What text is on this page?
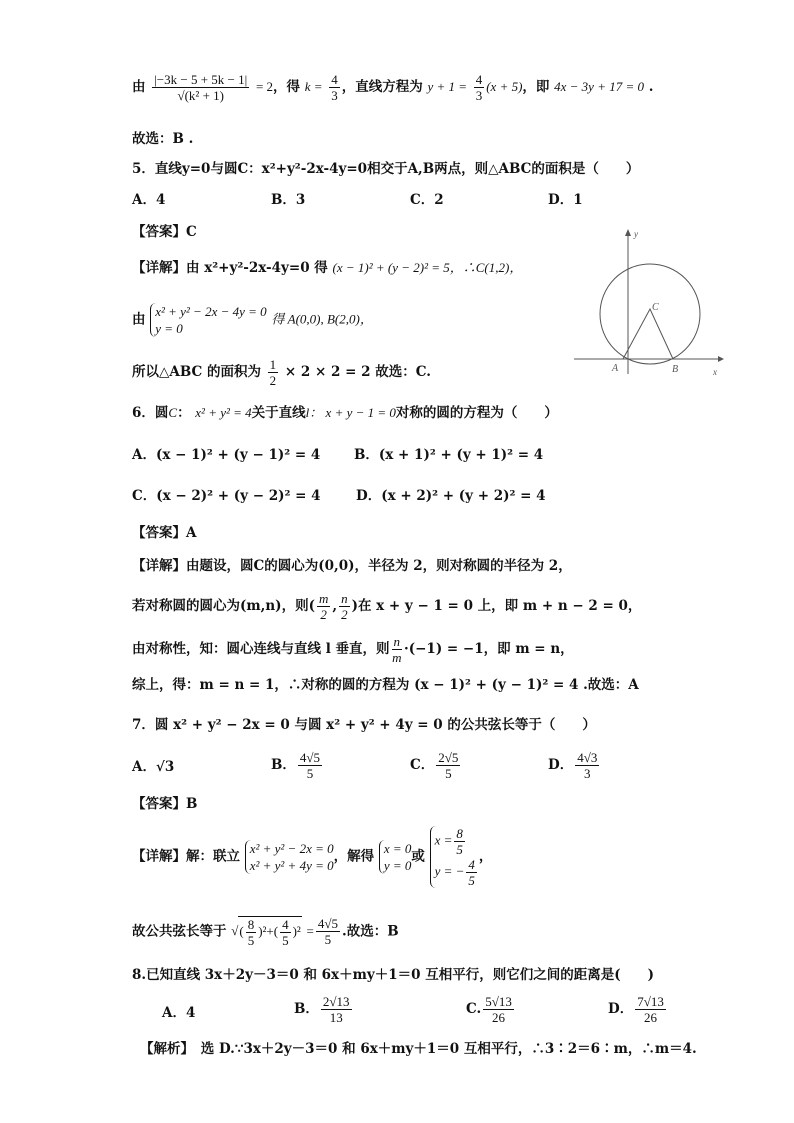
由 $\frac{|-3k - 5 + 5k - 1|}{\text{√(k² + 1)}} = 2$，得 $k = \frac{4}{3}$ ，直线方程为 $y + 1 = \frac{4}{3} (x + 5)$，即 4x − 3y + 17 = 0 .
故选：B .
5．直线y=0与圆C：x²+y²-2x-4y=0相交于A,B两点，则△ABC的面积是（　　）
A．4	B．3	C．2	D．1
【答案】C
【详解】由 x²+y²-2x-4y=0 得 (x − 1)² + (y − 2)² = 5，∴C(1,2)，
由 x² + y² − 2x − 4y = 0
y = 0
得 A(0,0), B(2,0)，
所以△ABC 的面积为 $\frac{1}{2} \times 2 \times 2 = 2$ 故选：C.
y
x
A	B
C
6．圆C： x² + y² = 4关于直线l： x + y − 1 = 0对称的圆的方程为（　　）
A．(x − 1)² + (y − 1)² = 4 B．(x + 1)² + (y + 1)² = 4
C．(x − 2)² + (y − 2)² = 4	D．(x + 2)² + (y + 2)² = 4
【答案】A
【详解】由题设，圆C的圆心为(0,0)，半径为 2，则对称圆的半径为 2，
若对称圆的圆心为(m,n)，则( $\frac{m}{2}$ , $\frac{n}{2}$ )在 x + y − 1 = 0 上，即 m + n − 2 = 0，
由对称性，知：圆心连线与直线 l 垂直，则 $\frac{n}{m} \cdot(-1) = -1$，即 m = n，
综上，得：m = n = 1，∴对称的圆的方程为 (x − 1)² + (y − 1)² = 4 .故选：A
7．圆 x² + y² − 2x = 0 与圆 x² + y² + 4y = 0 的公共弦长等于（　　）
A．√3	B． $\frac{4√5}{5}$	C． $\frac{2√5}{5}$	D． $\frac{4√3}{3}$
【答案】B
【详解】解：联立 x² + y² − 2x = 0
x² + y² + 4y = 0
，解得 x = 0
y = 0
或
$x = \frac{8}{5}$
y = − $\frac{4}{5}$
，
故公共弦长等于 √( $\frac{8}{5} )^2+( \frac{4}{5} )^2 = \frac{4√5}{5}$ .故选：B
8.已知直线 3x＋2y－3＝0 和 6x＋my＋1＝0 互相平行，则它们之间的距离是(　　)
A．4	B． $\frac{2√13}{13}$	C. $\frac{5√13}{26}$	D． $\frac{7√13}{26}$
【解析】　选 D.∵3x＋2y－3＝0 和 6x＋my＋1＝0 互相平行，∴3∶2＝6∶m，∴m＝4.
